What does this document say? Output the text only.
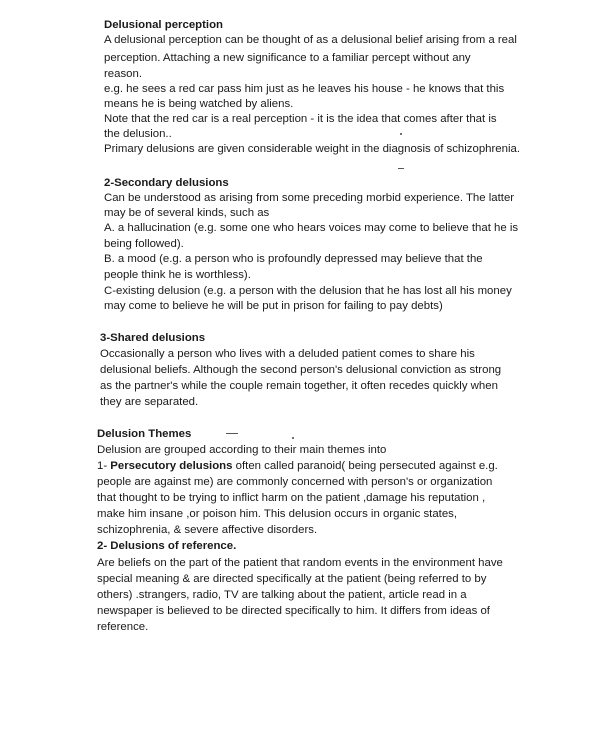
Delusional perception
A delusional perception can be thought of as a delusional belief arising from a real
perception. Attaching a new significance to a familiar percept without any
reason.
e.g. he sees a red car pass him just as he leaves his house - he knows that this
means he is being watched by aliens.
Note that the red car is a real perception - it is the idea that comes after that is
the delusion..
Primary delusions are given considerable weight in the diagnosis of schizophrenia.
2-Secondary delusions
Can be understood as arising from some preceding morbid experience. The latter
may be of several kinds, such as
A. a hallucination (e.g. some one who hears voices may come to believe that he is
being followed).
B. a mood (e.g. a person who is profoundly depressed may believe that the
people think he is worthless).
C-existing delusion (e.g. a person with the delusion that he has lost all his money
may come to believe he will be put in prison for failing to pay debts)
3-Shared delusions
Occasionally a person who lives with a deluded patient comes to share his
delusional beliefs. Although the second person's delusional conviction as strong
as the partner's while the couple remain together, it often recedes quickly when
they are separated.
Delusion Themes
Delusion are grouped according to their main themes into
1- Persecutory delusions often called paranoid( being persecuted against e.g.
people are against me) are commonly concerned with person's or organization
that thought to be trying to inflict harm on the patient ,damage his reputation ,
make him insane ,or poison him. This delusion occurs in organic states,
schizophrenia, & severe affective disorders.
2- Delusions of reference.
Are beliefs on the part of the patient that random events in the environment have
special meaning & are directed specifically at the patient (being referred to by
others) .strangers, radio, TV are talking about the patient, article read in a
newspaper is believed to be directed specifically to him. It differs from ideas of
reference.
